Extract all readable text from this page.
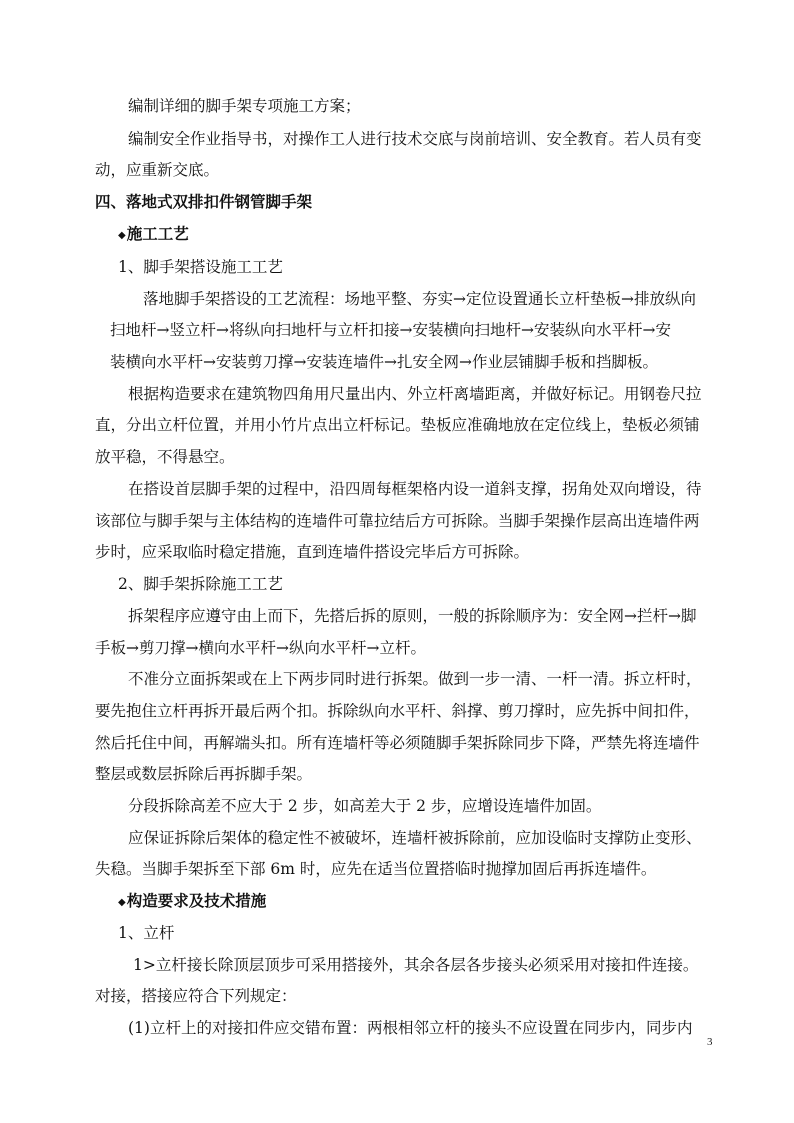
编制详细的脚手架专项施工方案；
编制安全作业指导书，对操作工人进行技术交底与岗前培训、安全教育。若人员有变
动，应重新交底。
四、落地式双排扣件钢管脚手架
◆施工工艺
1、脚手架搭设施工工艺
落地脚手架搭设的工艺流程：场地平整、夯实→定位设置通长立杆垫板→排放纵向
扫地杆→竖立杆→将纵向扫地杆与立杆扣接→安装横向扫地杆→安装纵向水平杆→安
装横向水平杆→安装剪刀撑→安装连墙件→扎安全网→作业层铺脚手板和挡脚板。
根据构造要求在建筑物四角用尺量出内、外立杆离墙距离，并做好标记。用钢卷尺拉
直，分出立杆位置，并用小竹片点出立杆标记。垫板应准确地放在定位线上，垫板必须铺
放平稳，不得悬空。
在搭设首层脚手架的过程中，沿四周每框架格内设一道斜支撑，拐角处双向增设，待
该部位与脚手架与主体结构的连墙件可靠拉结后方可拆除。当脚手架操作层高出连墙件两
步时，应采取临时稳定措施，直到连墙件搭设完毕后方可拆除。
2、脚手架拆除施工工艺
拆架程序应遵守由上而下，先搭后拆的原则，一般的拆除顺序为：安全网→拦杆→脚
手板→剪刀撑→横向水平杆→纵向水平杆→立杆。
不准分立面拆架或在上下两步同时进行拆架。做到一步一清、一杆一清。拆立杆时，
要先抱住立杆再拆开最后两个扣。拆除纵向水平杆、斜撑、剪刀撑时，应先拆中间扣件，
然后托住中间，再解端头扣。所有连墙杆等必须随脚手架拆除同步下降，严禁先将连墙件
整层或数层拆除后再拆脚手架。
分段拆除高差不应大于 2 步，如高差大于 2 步，应增设连墙件加固。
应保证拆除后架体的稳定性不被破坏，连墙杆被拆除前，应加设临时支撑防止变形、
失稳。当脚手架拆至下部 6m 时，应先在适当位置搭临时抛撑加固后再拆连墙件。
◆构造要求及技术措施
1、立杆
1>立杆接长除顶层顶步可采用搭接外，其余各层各步接头必须采用对接扣件连接。
对接，搭接应符合下列规定：
(1)立杆上的对接扣件应交错布置：两根相邻立杆的接头不应设置在同步内，同步内
3
